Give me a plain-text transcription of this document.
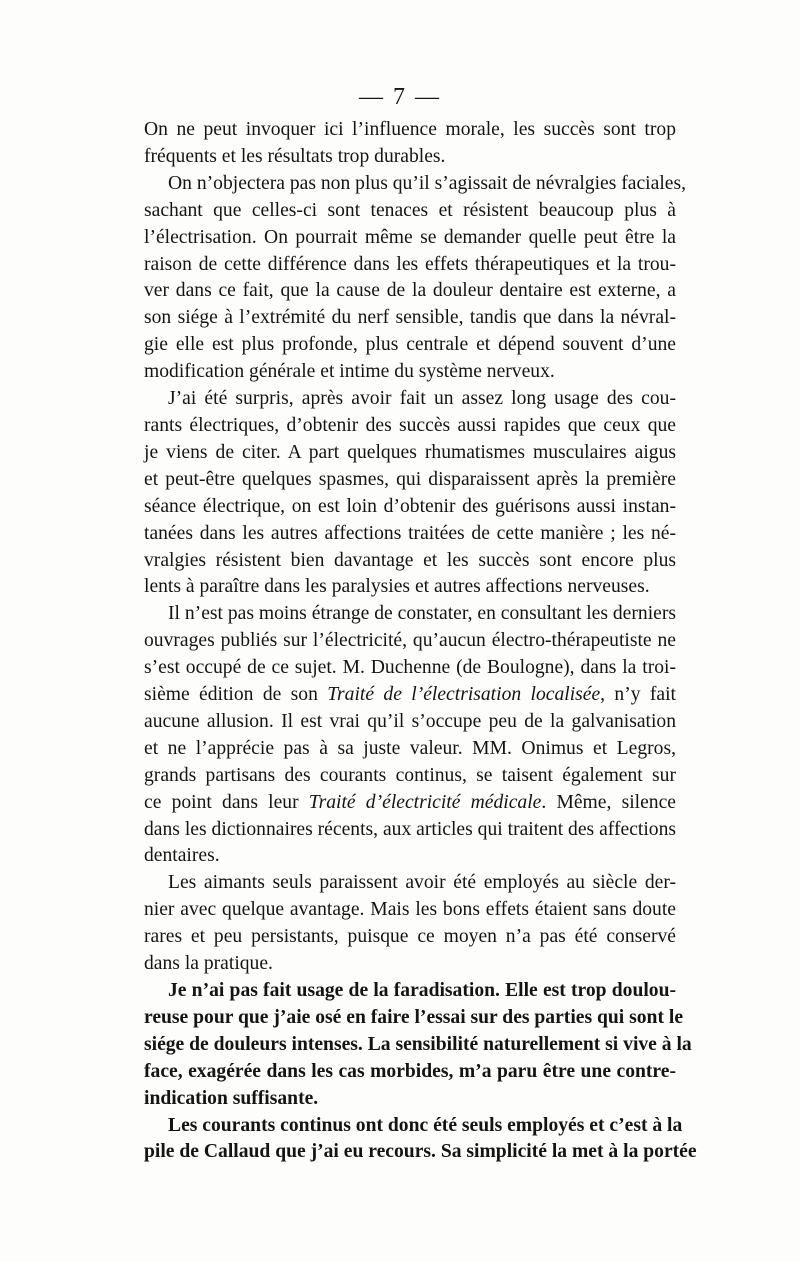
— 7 —
On ne peut invoquer ici l’influence morale, les succès sont trop
fréquents et les résultats trop durables.
On n’objectera pas non plus qu’il s’agissait de névralgies faciales,
sachant que celles-ci sont tenaces et résistent beaucoup plus à
l’électrisation. On pourrait même se demander quelle peut être la
raison de cette différence dans les effets thérapeutiques et la trou-
ver dans ce fait, que la cause de la douleur dentaire est externe, a
son siége à l’extrémité du nerf sensible, tandis que dans la névral-
gie elle est plus profonde, plus centrale et dépend souvent d’une
modification générale et intime du système nerveux.
J’ai été surpris, après avoir fait un assez long usage des cou-
rants électriques, d’obtenir des succès aussi rapides que ceux que
je viens de citer. A part quelques rhumatismes musculaires aigus
et peut-être quelques spasmes, qui disparaissent après la première
séance électrique, on est loin d’obtenir des guérisons aussi instan-
tanées dans les autres affections traitées de cette manière ; les né-
vralgies résistent bien davantage et les succès sont encore plus
lents à paraître dans les paralysies et autres affections nerveuses.
Il n’est pas moins étrange de constater, en consultant les derniers
ouvrages publiés sur l’électricité, qu’aucun électro-thérapeutiste ne
s’est occupé de ce sujet. M. Duchenne (de Boulogne), dans la troi-
sième édition de son Traité de l’électrisation localisée, n’y fait
aucune allusion. Il est vrai qu’il s’occupe peu de la galvanisation
et ne l’apprécie pas à sa juste valeur. MM. Onimus et Legros,
grands partisans des courants continus, se taisent également sur
ce point dans leur Traité d’électricité médicale. Même, silence
dans les dictionnaires récents, aux articles qui traitent des affections
dentaires.
Les aimants seuls paraissent avoir été employés au siècle der-
nier avec quelque avantage. Mais les bons effets étaient sans doute
rares et peu persistants, puisque ce moyen n’a pas été conservé
dans la pratique.
Je n’ai pas fait usage de la faradisation. Elle est trop doulou-
reuse pour que j’aie osé en faire l’essai sur des parties qui sont le
siége de douleurs intenses. La sensibilité naturellement si vive à la
face, exagérée dans les cas morbides, m’a paru être une contre-
indication suffisante.
Les courants continus ont donc été seuls employés et c’est à la
pile de Callaud que j’ai eu recours. Sa simplicité la met à la portée
